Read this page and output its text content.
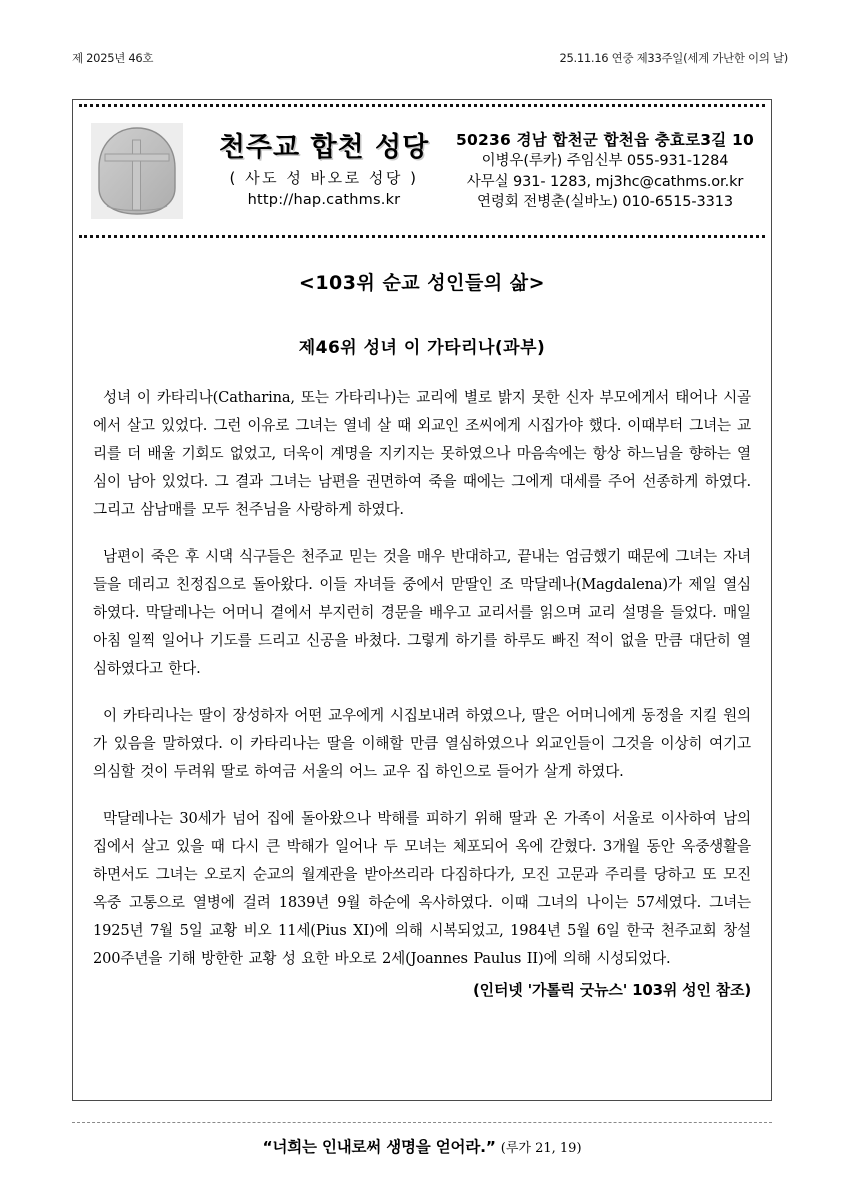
제 2025년 46호	25.11.16 연중 제33주일(세계 가난한 이의 날)
천주교 합천 성당
( 사도 성 바오로 성당 )
http://hap.cathms.kr
50236 경남 합천군 합천읍 충효로3길 10
이병우(루카) 주임신부 055-931-1284
사무실 931- 1283, mj3hc@cathms.or.kr
연령회 전병춘(실바노) 010-6515-3313
<103위 순교 성인들의 삶>
제46위 성녀 이 가타리나(과부)

성녀 이 카타리나(Catharina, 또는 가타리나)는 교리에 별로 밝지 못한 신자 부모에게서 태어나 시골에서 살고 있었다. 그런 이유로 그녀는 열네 살 때 외교인 조씨에게 시집가야 했다. 이때부터 그녀는 교리를 더 배울 기회도 없었고, 더욱이 계명을 지키지는 못하였으나 마음속에는 항상 하느님을 향하는 열심이 남아 있었다. 그 결과 그녀는 남편을 권면하여 죽을 때에는 그에게 대세를 주어 선종하게 하였다. 그리고 삼남매를 모두 천주님을 사랑하게 하였다.

남편이 죽은 후 시댁 식구들은 천주교 믿는 것을 매우 반대하고, 끝내는 엄금했기 때문에 그녀는 자녀들을 데리고 친정집으로 돌아왔다. 이들 자녀들 중에서 맏딸인 조 막달레나(Magdalena)가 제일 열심하였다. 막달레나는 어머니 곁에서 부지런히 경문을 배우고 교리서를 읽으며 교리 설명을 들었다. 매일 아침 일찍 일어나 기도를 드리고 신공을 바쳤다. 그렇게 하기를 하루도 빠진 적이 없을 만큼 대단히 열심하였다고 한다.

이 카타리나는 딸이 장성하자 어떤 교우에게 시집보내려 하였으나, 딸은 어머니에게 동정을 지킬 원의가 있음을 말하였다. 이 카타리나는 딸을 이해할 만큼 열심하였으나 외교인들이 그것을 이상히 여기고 의심할 것이 두려워 딸로 하여금 서울의 어느 교우 집 하인으로 들어가 살게 하였다.

막달레나는 30세가 넘어 집에 돌아왔으나 박해를 피하기 위해 딸과 온 가족이 서울로 이사하여 남의 집에서 살고 있을 때 다시 큰 박해가 일어나 두 모녀는 체포되어 옥에 갇혔다. 3개월 동안 옥중생활을 하면서도 그녀는 오로지 순교의 월계관을 받아쓰리라 다짐하다가, 모진 고문과 주리를 당하고 또 모진 옥중 고통으로 열병에 걸려 1839년 9월 하순에 옥사하였다. 이때 그녀의 나이는 57세였다. 그녀는 1925년 7월 5일 교황 비오 11세(Pius XI)에 의해 시복되었고, 1984년 5월 6일 한국 천주교회 창설 200주년을 기해 방한한 교황 성 요한 바오로 2세(Joannes Paulus II)에 의해 시성되었다.

(인터넷 '가톨릭 굿뉴스' 103위 성인 참조)
“너희는 인내로써 생명을 얻어라.” (루가 21, 19)
